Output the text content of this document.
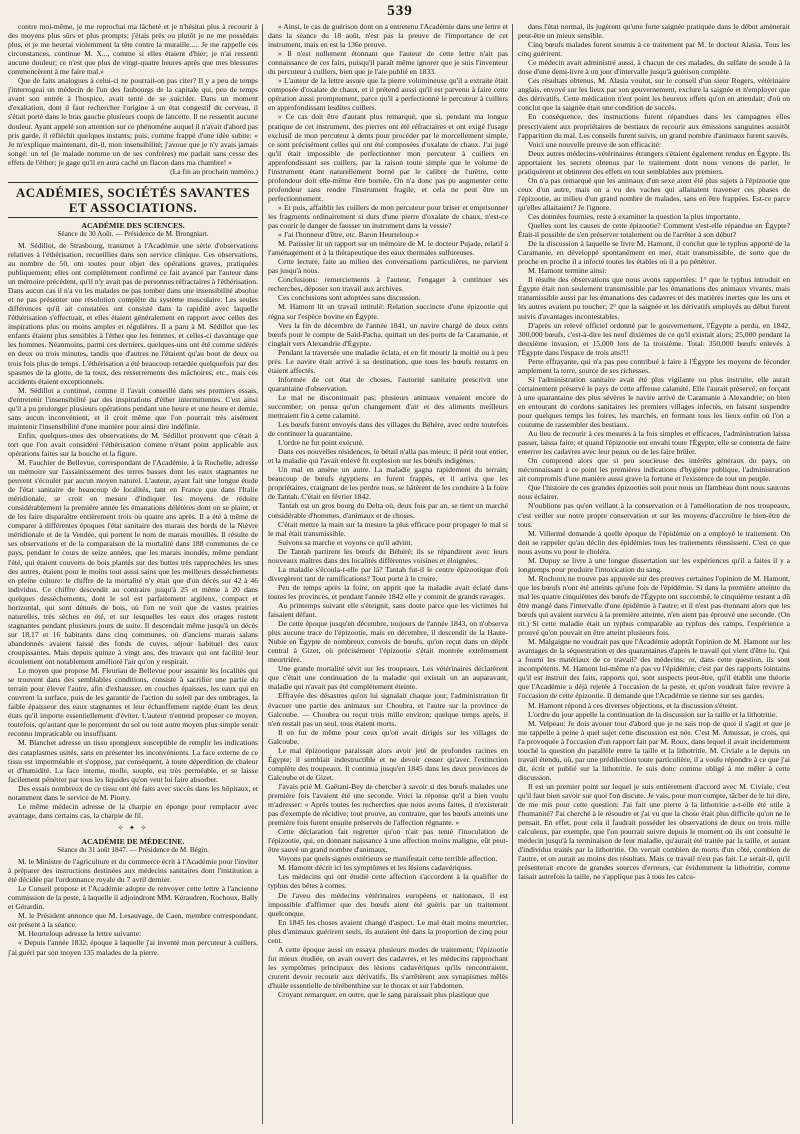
539

contre moi-même, je me reprochai ma lâcheté et je n'hésitai plus à recourir à des moyens plus sûrs et plus prompts; j'étais près ou plutôt je ne me possédais plus, et je me heurtai violemment la tête contre la muraille..... Je me rappelle ces circonstances, continue M. X..., comme si elles étaient d'hier; je n'ai ressenti aucune douleur; ce n'est que plus de vingt-quatre heures après que mes blessures commencèrent à me faire mal.»

Que de faits analogues à celui-ci ne pourrait-on pas citer? Il y a peu de temps j'interrogeai un médecin de l'un des faubourgs de la capitale qui, peu de temps avant son entrée à l'hospice, avait tenté de se suicider. Dans un moment d'exaltation, dont il faut rechercher l'origine à un état congestif du cerveau, il s'était porté dans le bras gauche plusieurs coups de lancette. Il ne ressentit aucune douleur. Ayant appelé son attention sur ce phénomène auquel il n'avait d'abord pas pris garde, il réfléchit quelques instants; puis, comme frappé d'une idée subite: « Je m'explique maintenant, dit-il, mon insensibilité; j'avoue que je n'y avais jamais songé: un tel (le malade nomme un de ses confrères) me parlait sans cesse des effets de l'éther; je gage qu'il en aura caché un flacon dans ma chambre! »

(La fin au prochain numéro.)

ACADÉMIES, SOCIÉTÉS SAVANTES ET ASSOCIATIONS.
ACADÉMIE DES SCIENCES.
Séance du 30 Août. — Présidence de M. Brongniart.

M. Sédillot, de Strasbourg, transmet à l'Académie une série d'observations relatives à l'éthérisation, recueillies dans son service clinique. Ces observations, au nombre de 50, ont toutes pour objet des opérations graves, pratiquées publiquement; elles ont complètement confirmé ce fait avancé par l'auteur dans un mémoire précédent, qu'il n'y avait pas de personnes réfractaires à l'éthérisation. Dans aucun cas il n'a vu les malades ne pas tomber dans une insensibilité absolue et ne pas présenter une résolution complète du système musculaire. Les seules différences qu'il ait constatées ont consisté dans la rapidité avec laquelle l'éthérisation s'effectuait, et elles étaient généralement en rapport avec celles des inspirations plus ou moins amples et régulières. Il a paru à M. Sédillot que les enfants étaient plus sensibles à l'éther que les femmes, et celles-ci davantage que les hommes. Néanmoins, parmi ces derniers, quelques-uns ont été comme sidérés en deux ou trois minutes, tandis que d'autres ne l'étaient qu'au bout de deux ou trois fois plus de temps. L'éthérisation a été beaucoup retardée quelquefois par des spasmes de la glotte, de la toux, des resserrements des mâchoires, etc., mais ces accidents étaient exceptionnels.

M. Sédillot a continué, comme il l'avait conseillé dans ses premiers essais, d'entretenir l'insensibilité par des inspirations d'éther intermittentes. C'est ainsi qu'il a pu prolonger plusieurs opérations pendant une heure et une heure et demie, sans aucun inconvénient, et il croit même que l'on pourrait très aisément maintenir l'insensibilité d'une manière pour ainsi dire indéfinie.

Enfin, quelques-unes des observations de M. Sédillot prouvent que c'était à tort que l'on avait considéré l'éthérisation comme n'étant point applicable aux opérations faites sur la bouche et la figure.

M. Fauchier de Bellevue, correspondant de l'Académie, à la Rochelle, adresse un mémoire sur l'assainissement des terres basses dont les eaux stagnantes ne peuvent s'écouler par aucun moyen naturel. L'auteur, ayant fait une longue étude de l'état sanitaire de beaucoup de localités, tant en France que dans l'Italie méridionale, se croit en mesure d'indiquer les moyens de réduire considérablement la première année les émanations délétères dont on se plaint, et de les faire disparaître entièrement trois ou quatre ans après. Il a été à même de comparer à différentes époques l'état sanitaire des marais des bords de la Nièvre méridionale et de la Vendée, qui portent le nom de marais mouillés. Il résulte de ses observations et de la comparaison de la mortalité dans 188 communes de ce pays, pendant le cours de seize années, que les marais inondés, même pendant l'été, qui étaient couverts de bois plantés sur des buttes très rapprochées les unes des autres, étaient pour le moins tout aussi sains que les meilleurs desséchements en pleine culture: le chiffre de la mortalité n'y était que d'un décès sur 42 à 46 individus. Ce chiffre descendit au contraire jusqu'à 25 et même à 20 dans quelques desséchements, dont le sol est parfaitement argileux, compact et horizontal, qui sont dénués de bois, où l'on ne voit que de vastes prairies naturelles, très sèches en été, et sur lesquelles les eaux des orages restent stagnantes pendant plusieurs jours de suite. Il descendait même jusqu'à un décès sur 18,17 et 16 habitants dans cinq communes, où d'anciens marais salans abandonnés avaient laissé des fonds de cuves, séjour habituel des eaux croupissantes. Mais depuis quinze à vingt ans, des travaux qui ont facilité leur écoulement ont notablement amélioré l'air qu'on y respirait.

Le moyen que propose M. Fleuriau de Bellevue pour assainir les localités qui se trouvent dans des semblables conditions, consiste à sacrifier une partie du terrain pour élever l'autre, afin d'exhausser, en couches épaisses, les eaux qui en couvrent la surface, puis de les garantir de l'action du soleil par des ombrages, la faible épaisseur des eaux stagnantes et leur échauffement rapide étant les deux états qu'il importe essentiellement d'éviter. L'auteur n'entend proposer ce moyen, toutefois, qu'autant que le percement du sol ou tout autre moyen plus simple serait reconnu impraticable ou insuffisant.

M. Blanchet adresse un tissu spongieux susceptible de remplir les indications des cataplasmes usités, sans en présenter les inconvénients. La face externe de ce tissu est imperméable et s'oppose, par conséquent, à toute déperdition de chaleur et d'humidité. La face interne, molle, souple, est très perméable, et se laisse facilement pénétrer par tous les liquides qu'on veut lui faire absorber.

Des essais nombreux de ce tissu ont été faits avec succès dans les hôpitaux, et notamment dans le service de M. Piorry.

Le même médecin adresse de la charpie en éponge pour remplacer avec avantage, dans certains cas, la charpie de fil.

✧ ✦ ✧
ACADÉMIE DE MÉDECINE.
Séance du 31 août 1847. — Présidence de M. Bégin.

M. le Ministre de l'agriculture et du commerce écrit à l'Académie pour l'inviter à préparer des instructions destinées aux médecins sanitaires dont l'institution a été décidée par l'ordonnance royale du 7 avril dernier.

Le Conseil propose et l'Académie adopte de renvoyer cette lettre à l'ancienne commission de la peste, à laquelle il adjoindront MM. Kéraudren, Rochoux, Bally et Gérardin.

M. le Président annonce que M. Lesauvage, de Caen, membre correspondant, est présent à la séance.

M. Heurteloup adresse la lettre suivante:

« Depuis l'année 1832, époque à laquelle j'ai inventé mon percuteur à cuillers, j'ai guéri par son moyen 135 malades de la pierre.

» Ainsi, le cas de guérison dont on a entretenu l'Académie dans une lettre et dans la séance du 18 août, n'est pas la preuve de l'importance de cet instrument, mais en est la 136e preuve.

» Il n'est nullement étonnant que l'auteur de cette lettre n'ait pas connaissance de ces faits, puisqu'il paraît même ignorer que je suis l'inventeur du percuteur à cuillers, bien que je l'aie publié en 1833.

» L'auteur de la lettre assure que la pierre volumineuse qu'il a extraite était composée d'oxalate de chaux, et il prétend aussi qu'il est parvenu à faire cette opération aussi promptement, parce qu'il a perfectionné le percuteur à cuillers en approfondissant lesdites cuillers.

» Ce cas doit être d'autant plus remarqué, que si, pendant ma longue pratique de cet instrument, des pierres ont été réfractaires et ont exigé l'usage exclusif de mon percuteur à dents pour procéder par le morcellement simple, ce sont précisément celles qui ont été composées d'oxalate de chaux. J'ai jugé qu'il était impossible de perfectionner mon percuteur à cuillers en approfondissant ses cuillers, par la raison toute simple que le volume de l'instrument étant naturellement borné par le calibre de l'urètre, cette profondeur doit elle-même être bornée. On n'a donc pas pu augmenter cette profondeur sans rendre l'instrument fragile, et cela ne peut être un perfectionnement.

» Et puis, affaiblir les cuillers de mon percuteur pour briser et emprisonner les fragments ordinairement si durs d'une pierre d'oxalate de chaux, n'est-ce pas courir le danger de fausser un instrument dans la vessie?

» J'ai l'honneur d'être, etc. Baron Heurteloup.»

M. Patissier lit un rapport sur un mémoire de M. le docteur Pujade, relatif à l'aménagement et à la thérapeutique des eaux thermales sulfureuses.

Cette lecture, faite au milieu des conversations particulières, ne parvient pas jusqu'à nous.

Conclusions: remerciements à l'auteur, l'engager à continuer ses recherches, déposer son travail aux archives.

Ces conclusions sont adoptées sans discussion.

M. Hamont lit un travail intitulé: Relation succincte d'une épizootie qui régna sur l'espèce bovine en Égypte.

Vers la fin de décembre de l'année 1841, un navire chargé de deux cents bœufs pour le compte de Saïd-Pacha, quittait un des ports de la Caramanie, et cinglait vers Alexandrie d'Égypte.

Pendant la traversée une maladie éclata, et en fit mourir la moitié ou à peu près. Le navire était arrivé à sa destination, que tous les bœufs restants en étaient affectés.

Informée de cet état de choses, l'autorité sanitaire prescrivit une quarantaine d'observation.

Le mal ne discontinuait pas; plusieurs animaux venaient encore de succomber; on pensa qu'un changement d'air et des aliments meilleurs mettraient fin à cette calamité.

Les bœufs furent envoyés dans des villages du Béhère, avec ordre toutefois de continuer la quarantaine.

L'ordre ne fut point exécuté.

Dans ces nouvelles résidences, le bétail n'alla pas mieux; il périt tout entier, et la maladie qui l'avait enlevé fit explosion sur les bœufs indigènes.

Un mal en amène un autre. La maladie gagna rapidement du terrain; beaucoup de bœufs égyptiens en furent frappés, et il arriva que les propriétaires, craignant de les perdre tous, se hâtèrent de les conduire à la foire de Tantah. C'était en février 1842.

Tantah est un gros bourg du Delta où, deux fois par an, se tient un marché considérable d'hommes, d'animaux et de choses.

C'était mettre la main sur la mesure la plus efficace pour propager le mal si le mal était transmissible.

Suivons sa marche et voyons ce qu'il advint.

De Tantah partirent les bœufs du Béhéré; ils se répandirent avec leurs nouveaux maîtres dans des localités différentes voisines et éloignées.

La maladie s'écoula-t-elle par là? Tantah fut-il le centre épizootique d'où divergèrent tant de ramifications? Tout porte à le croire.

Peu de temps après la foire, on apprit que la maladie avait éclaté dans toutes les provinces, et pendant l'année 1842 elle y commit de grands ravages.

Au printemps suivant elle s'éteignit, sans doute parce que les victimes lui faisaient défaut.

De cette époque jusqu'en décembre, toujours de l'année 1843, on n'observa plus aucune trace de l'épizootie, mais en décembre, il descendit de la Haute-Nubie en Égypte de nombreux convois de bœufs, qu'on reçut dans un dépôt central à Gizet, où précisément l'épizootie s'était montrée extrêmement meurtrière.

Une grande mortalité sévit sur les troupeaux. Les vétérinaires déclarèrent que c'était une continuation de la maladie qui existait un an auparavant, maladie qui n'avait pas été complètement éteinte.

Effrayée des désastres qu'on lui signalait chaque jour, l'administration fit évacuer une partie des animaux sur Choubra, et l'autre sur la province de Galcoube. — Choubra ou reçut trois mille environ; quelque temps après, il n'en restait pas un seul, tous étaient morts.

Il en fut de même pour ceux qu'on avait dirigés sur les villages de Galcoube.

Le mal épizootique paraissait alors avoir jeté de profondes racines en Égypte; il semblait indestructible et ne devoir cesser qu'avec l'extinction complète des troupeaux. Il continua jusqu'en 1845 dans les deux provinces de Galcoube et de Gizet.

J'avais prié M. Gaëtani-Bey de chercher à savoir si des bœufs malades une première fois l'avaient été une seconde. Voici la réponse qu'il a bien voulu m'adresser: « Après toutes les recherches que nous avons faites, il n'existerait pas d'exemple de récidive; tout prouve, au contraire, que les bœufs atteints une première fois furent ensuite préservés de l'affection régnante. »

Cette déclaration fait regretter qu'on n'ait pas tenté l'inoculation de l'épizootie, qui, en donnant naissance à une affection moins maligne, eût peut-être sauvé un grand nombre d'animaux.

Voyons par quels signes extérieurs se manifestait cette terrible affection.

M. Hamont décrit ici les symptômes et les lésions cadavériques.

Les médecins qui ont étudié cette affection s'accordent à la qualifier de typhus des bêtes à cornes.

De l'aveu des médecins vétérinaires européens et nationaux, il est impossible d'affirmer que des bœufs aient été guéris par un traitement quelconque.

En 1845 les choses avaient changé d'aspect. Le mal était moins meurtrier, plus d'animaux guérirent seuls, ils auraient été dans la proportion de cinq pour cent.

A cette époque aussi on essaya plusieurs modes de traitement; l'épizootie fut mieux étudiée, on avait ouvert des cadavres, et les médecins rapprochant les symptômes principaux des lésions cadavériques qu'ils rencontraient, crurent devoir recourir aux dérivatifs. Ils s'arrêtèrent aux synapismes mêlés d'huile essentielle de térébenthine sur le thorax et sur l'abdomen.

Croyant remarquer, en outre, que le sang paraissait plus plastique que

dans l'état normal, ils jugèrent qu'une forte saignée pratiquée dans le début amènerait peut-être un mieux sensible.

Cinq bœufs malades furent soumis à ce traitement par M. le docteur Alasia. Tous les cinq guérirent.

Ce médecin avait administré aussi, à chacun de ces malades, du sulfate de soude à la dose d'une demi-livre à un jour d'intervalle jusqu'à guérison complète.

Ces résultats obtenus, M. Alasia voulut, sur le conseil d'un sieur Rogers, vétérinaire anglais, envoyé sur les lieux par son gouvernement, exclure la saignée et n'employer que des dérivatifs. Cette médication n'eut point les heureux effets qu'on en attendait; d'où on conclut que la saignée était une condition de succès.

En conséquence, des instructions furent répandues dans les campagnes elles prescrivaient aux propriétaires de bestiaux de recourir aux émissions sanguines aussitôt l'apparition du mal. Les conseils furent suivis, un grand nombre d'animaux furent sauvés.

Voici une nouvelle preuve de son efficacité:

Deux autres médecins-vétérinaires étrangers s'étaient également rendus en Égypte. Ils apportaient les secrets obtenus par le traitement dont nous venons de parler, le pratiquèrent et obtinrent des effets en tout semblables aux premiers.

On n'a pas remarqué que les animaux d'un sexe aient été plus sujets à l'épizootie que ceux d'un autre, mais on a vu des vaches qui allaitaient traverser ces phases de l'épizootie, au milieu d'un grand nombre de malades, sans en être frappées. Est-ce parce qu'elles allaitaient? Je l'ignore.

Ces données fournies, reste à examiner la question la plus importante.

Quelles sont les causes de cette épizootie? Comment s'est-elle répandue en Égypte? Était-il possible de s'en préserver totalement ou de l'arrêter à son début?

De la discussion à laquelle se livre M. Hamont, il conclut que le typhus apporté de la Caramanie, en développé spontanément en mer, était transmissible, de sorte que de proche en proche il a infecté toutes les étables où il a pu pénétrer.

M. Hamont termine ainsi:

Il résulte des observations que nous avons rapportées: 1° que le typhus introduit en Égypte était non seulement transmissible par les émanations des animaux vivants, mais transmissible aussi par les émanations des cadavres et des matières inertes que les uns et les autres avaient pu toucher; 2° que la saignée et les dérivatifs employés au début furent suivis d'avantages incontestables.

D'après un relevé officiel ordonné par le gouvernement, l'Égypte a perdu, en 1842, 300,000 bœufs, c'est-à-dire les neuf dixièmes de ce qu'il existait alors; 25,000 pendant la deuxième invasion, et 15,000 lors de la troisième. Total: 350,000 bœufs enlevés à l'Égypte dans l'espace de trois ans!!!

Perte effrayante, qui n'a pas peu contribué à faire à l'Égypte les moyens de féconder amplement la terre, source de ses richesses.

Si l'administration sanitaire avait été plus vigilante ou plus instruite, elle aurait certainement préservé le pays de cette affreuse calamité. Elle l'aurait préservé, en forçant à une quarantaine des plus sévères le navire arrivé de Caramanie à Alexandrie; on bien en entourant de cordons sanitaires les premiers villages infectés, en faisant suspendre pour quelques temps les foires, les marchés, en fermant tous les lieux enfin où l'on a coutume de rassembler des bestiaux.

Au lieu de recourir à ces mesures à la fois simples et efficaces, l'administration laissa passer, laissa faire; et quand l'épizootie eut envahi toute l'Égypte, elle se contenta de faire enterrer les cadavres avec leur peaux ou de les faire brûler.

On comprend alors que si peu soucieuse des intérêts généraux du pays, on méconnaissant à ce point les premières indications d'hygiène publique, l'administration ait compromis d'une manière aussi grave la fortune et l'existence de tout un peuple.

Que l'histoire de ces grandes épizooties soit pour nous un flambeau dont nous saurons nous éclairer.

N'oublions pas qu'en veillant à la conservation et à l'amélioration de nos troupeaux, c'est veiller sur notre propre conservation et sur les moyens d'accroître le bien-être de tous.

M. Villermé demande à quelle époque de l'épidémie on a employé le traitement. On doit se rappeler qu'au déclin des épidémies tous les traitements réussissent. C'est ce que nous avons vu pour le choléra.

M. Dupuy se livre à une longue dissertation sur les expériences qu'il a faites il y a longtemps pour produire l'intoxication du sang.

M. Rochoux ne trouve pas appuyée sur des preuves certaines l'opinion de M. Hamont, que les bœufs n'ont été atteints qu'une fois de l'épidémie. Si dans la première atteinte du mal les quatre cinquièmes des bœufs de l'Égypte ont succombé, le cinquième restant a dû être mangé dans l'intervalle d'une épidémie à l'autre; et il n'est pas étonnant alors que les bœufs qui avaient survécu à la première atteinte, n'en aient pas éprouvé une seconde. (On rit.) Si cette maladie était un typhus comparable au typhus des camps, l'expérience a prouvé qu'on pouvait en être atteint plusieurs fois.

M. Malgaigne ne voudrait pas que l'Académie adoptât l'opinion de M. Hamont sur les avantages de la séquestration et des quarantaines d'après le travail qui vient d'être lu. Qui a fourni les matériaux de ce travail? des médecins; or, dans cette question, ils sont incompétents. M. Hamont lui-même n'a pas vu l'épidémie; c'est par des rapports lointains qu'il est instruit des faits, rapports qui, sont suspects peut-être, qu'il établit une théorie que l'Académie a déjà rejetée à l'occasion de la peste, et qu'on voudrait faire revivre à l'occasion de cette épizootie. Il demande que l'Académie se tienne sur ses gardes.

M. Hamont répond à ces diverses objections, et la discussion s'éteint.

L'ordre du jour appelle la continuation de la discussion sur la taille et la lithotritie.

M. Velpeau: Je dois avouer tout d'abord que je ne sais trop de quoi il s'agit et que je me rappelle à peine à quel sujet cette discussion est née. C'est M. Amussat, je crois, qui l'a provoquée à l'occasion d'un rapport fait par M. Roux, dans lequel il avait incidemment touché la question du parallèle entre la taille et la lithotritie. M. Civiale a le depuis un travail étendu, où, par une prédilection toute particulière, il a voulu répondre à ce que j'ai dit, écrit et publié sur la lithotritie. Je suis donc comme obligé à me mêler à cette discussion.

Il est un premier point sur lequel je suis entièrement d'accord avec M. Civiale, c'est qu'il faut bien savoir sur quoi l'on discute. Je vais, pour mon compte, tâcher de le lui dire, de me mis pour cette question: J'ai fait une pierre à la lithotritie a-t-elle été utile à l'humanité? J'ai cherché à le résoudre et j'ai vu que la chose était plus difficile qu'on ne le pensait. En effet, pour cela il faudrait posséder les observations de deux ou trois mille calculeux, par exemple, que l'on pourrait suivre depuis le moment où ils ont consulté le médecin jusqu'à la terminaison de leur maladie, qu'aurait été traitée par la taille, et autant d'individus traités par la lithotritie. On verrait combien de morts d'un côté, combien de l'autre, et on aurait au moins des résultats. Mais ce travail n'est pas fait. Le serait-il, qu'il présenterait encore de grandes sources d'erreurs, car évidemment la lithotritie, comme faisait autrefois la taille, ne s'applique pas à tous les calcu-
